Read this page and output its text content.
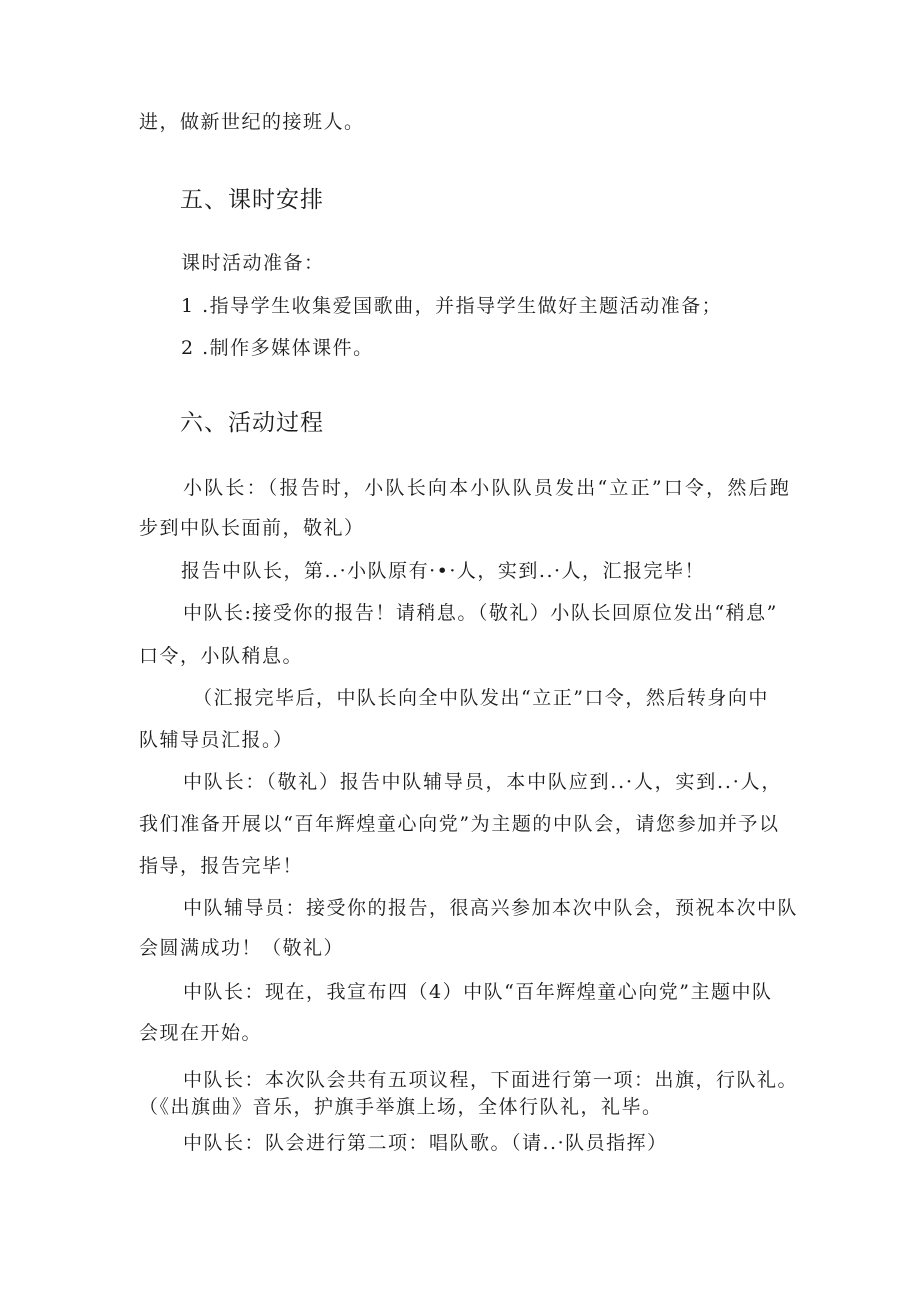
进，做新世纪的接班人。
五、课时安排
课时活动准备：
1 .指导学生收集爱国歌曲，并指导学生做好主题活动准备；
2 .制作多媒体课件。
六、活动过程
小队长：（报告时，小队长向本小队队员发出“立正”口令，然后跑
步到中队长面前，敬礼）
报告中队长，第..·小队原有·•·人，实到..·人，汇报完毕！
中队长:接受你的报告！请稍息。（敬礼）小队长回原位发出“稍息”
口令，小队稍息。
（汇报完毕后，中队长向全中队发出“立正”口令，然后转身向中
队辅导员汇报。）
中队长：（敬礼）报告中队辅导员，本中队应到..·人，实到..·人，
我们准备开展以“百年辉煌童心向党”为主题的中队会，请您参加并予以
指导，报告完毕！
中队辅导员：接受你的报告，很高兴参加本次中队会，预祝本次中队
会圆满成功！（敬礼）
中队长：现在，我宣布四（4）中队“百年辉煌童心向党”主题中队
会现在开始。
中队长：本次队会共有五项议程，下面进行第一项：出旗，行队礼。
（《出旗曲》音乐，护旗手举旗上场，全体行队礼，礼毕。
中队长：队会进行第二项：唱队歌。（请..·队员指挥）
